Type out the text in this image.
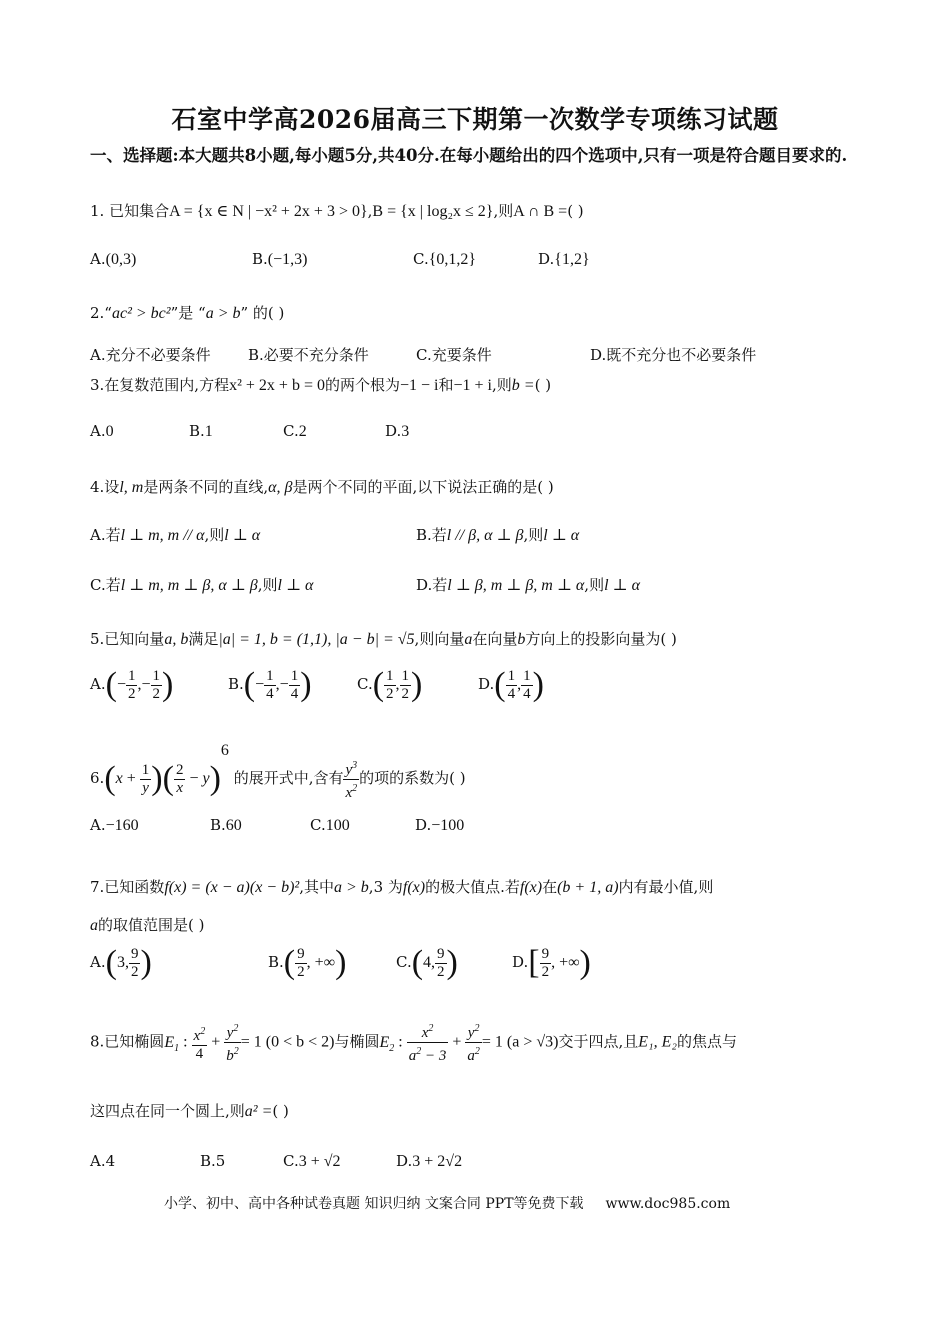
石室中学高2026届高三下期第一次数学专项练习试题
一、选择题:本大题共8小题,每小题5分,共40分.在每小题给出的四个选项中,只有一项是符合题目要求的.
1. 已知集合A = {x ∈ N | −x² + 2x + 3 > 0},B = {x | log₂x ≤ 2},则A ∩ B =( )
A.(0,3)	B.(−1,3)	C.{0,1,2}	D.{1,2}
2.“ac² > bc²”是 “a > b” 的( )
A.充分不必要条件 B.必要不充分条件	C.充要条件	D.既不充分也不必要条件
3.在复数范围内,方程x² + 2x + b = 0的两个根为−1 − i和−1 + i,则b =( )
A.0	B.1	C.2	D.3
4.设l, m是两条不同的直线,α, β是两个不同的平面,以下说法正确的是( )
A.若l ⊥ m, m // α,则l ⊥ α	B.若l // β, α ⊥ β,则l ⊥ α
C.若l ⊥ m, m ⊥ β, α ⊥ β,则l ⊥ α	D.若l ⊥ β, m ⊥ β, m ⊥ α,则l ⊥ α
5.已知向量a, b满足|a| = 1, b = (1,1), |a − b| = √5,则向量a在向量b方向上的投影向量为( )
$A.(- \frac{1}{2}$ ,− $\frac{1}{2}$ )	$B.(- \frac{1}{4}$ ,− $\frac{1}{4}$ )	$C.( \frac{1}{2}$ , $\frac{1}{2}$ )	$D.( \frac{1}{4}$ , $\frac{1}{4}$ )
$6.(x + \frac{1}{y}$ )( $\frac{2}{x} - y)^6$ 的展开式中,含有 $\frac{y^3}{x^2}$ 的项的系数为( )
A.−160	B.60	C.100	D.−100
7.已知函数f(x) = (x − a)(x − b)²,其中a > b,3 为f(x)的极大值点.若f(x)在(b + 1, a)内有最小值,则
a的取值范围是( )
A.(3, $\frac{9}{2}$ )	$B.( \frac{9}{2}$ , +∞)	C.(4, $\frac{9}{2}$ )	$D.[ \frac{9}{2}$ , +∞)
8.已知椭圆$E_1$ : $\frac{x^2}{4} + \frac{y^2}{b^2} = 1$ (0 < b < 2)与椭圆$E_2$ : $\frac{x^2}{a^2 - 3} + \frac{y^2}{a^2} = 1$ (a > √3)交于四点,且E₁, E₂的焦点与
这四点在同一个圆上,则a² =( )
A.4	B.5	C.3 + √2	D.3 + 2√2
小学、初中、高中各种试卷真题 知识归纳 文案合同 PPT等免费下载 www.doc985.com
